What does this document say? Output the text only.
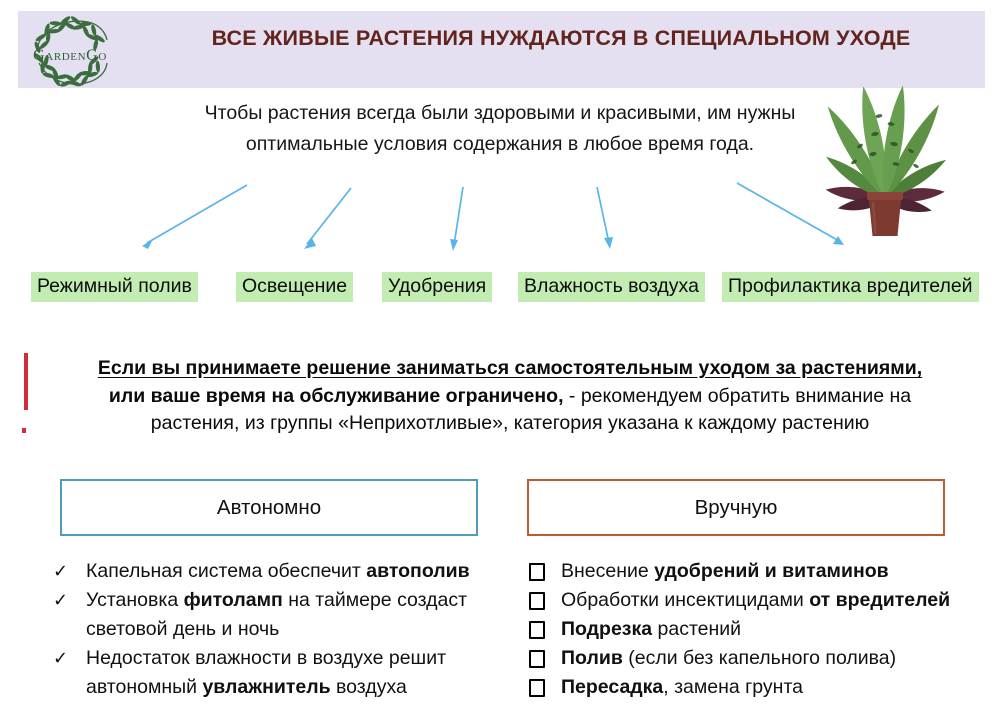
GardenGo
ВСЕ ЖИВЫЕ РАСТЕНИЯ НУЖДАЮТСЯ В СПЕЦИАЛЬНОМ УХОДЕ
Чтобы растения всегда были здоровыми и красивыми, им нужны
оптимальные условия содержания в любое время года.
Режимный полив	Освещение	Удобрения	Влажность воздуха	Профилактика вредителей
Если вы принимаете решение заниматься самостоятельным уходом за растениями,
или ваше время на обслуживание ограничено, - рекомендуем обратить внимание на
растения, из группы «Неприхотливые», категория указана к каждому растению
Автономно	Вручную
✓ Капельная система обеспечит автополив
✓ Установка фитоламп на таймере создаст световой день и ночь
✓ Недостаток влажности в воздухе решит автономный увлажнитель воздуха
Внесение удобрений и витаминов
Обработки инсектицидами от вредителей
Подрезка растений
Полив (если без капельного полива)
Пересадка, замена грунта
